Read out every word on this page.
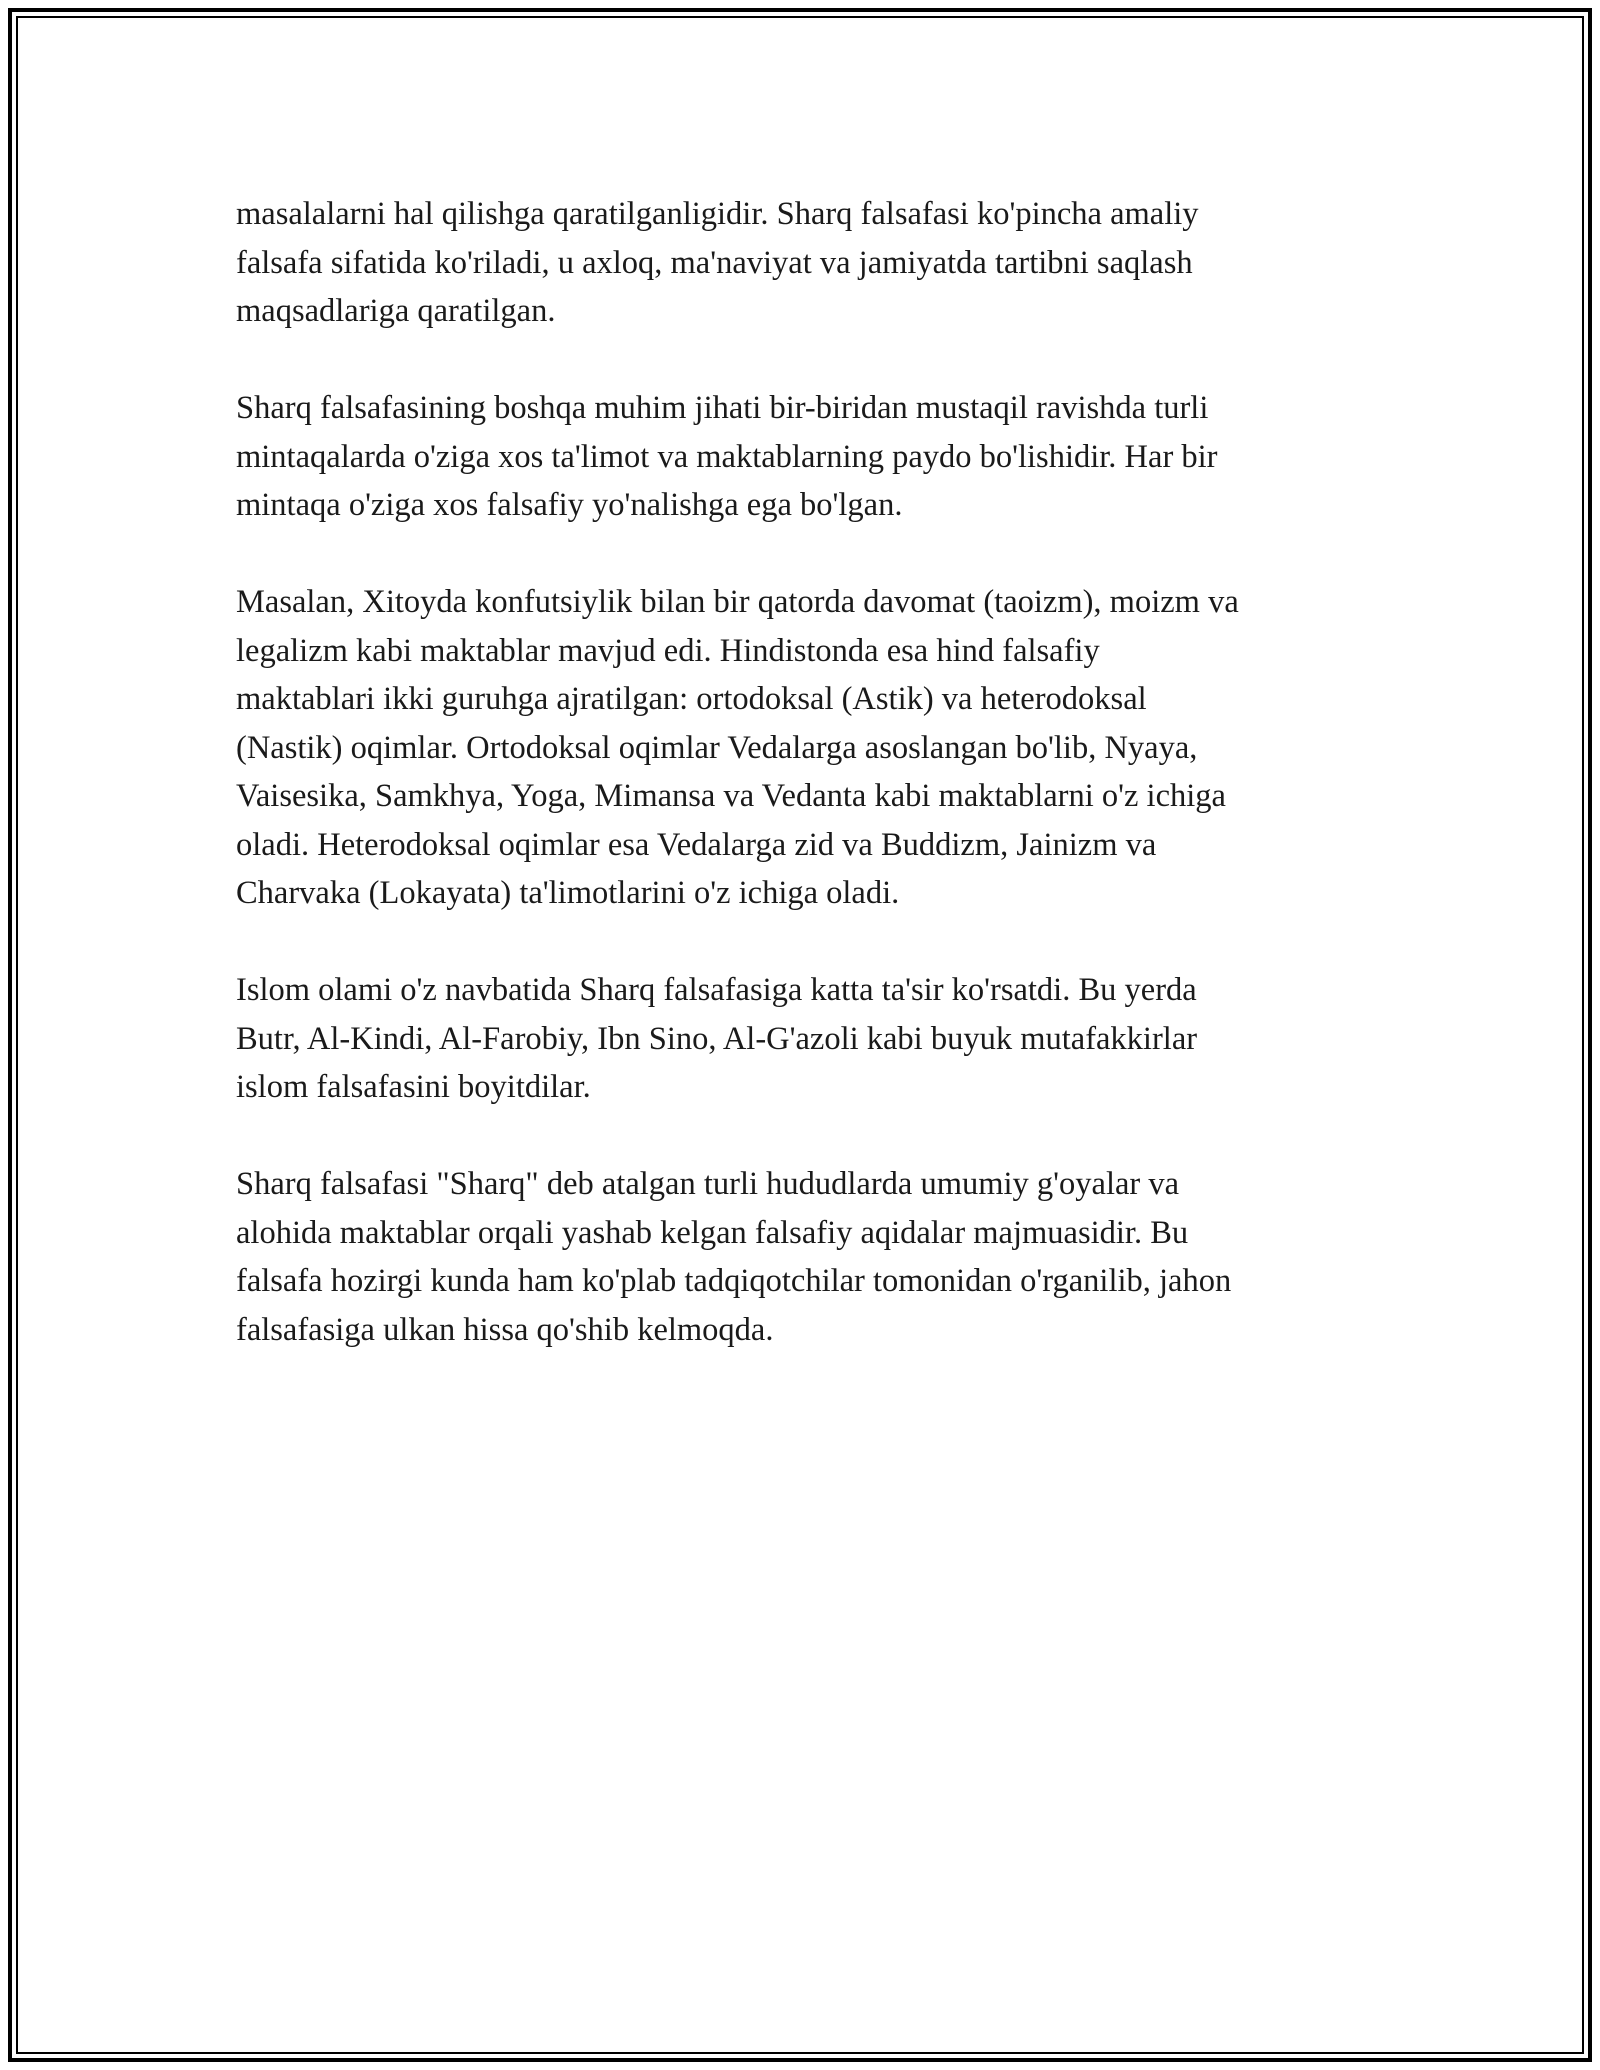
masalalarni hal qilishga qaratilganligidir. Sharq falsafasi ko'pincha amaliy
falsafa sifatida ko'riladi, u axloq, ma'naviyat va jamiyatda tartibni saqlash
maqsadlariga qaratilgan.

Sharq falsafasining boshqa muhim jihati bir-biridan mustaqil ravishda turli
mintaqalarda o'ziga xos ta'limot va maktablarning paydo bo'lishidir. Har bir
mintaqa o'ziga xos falsafiy yo'nalishga ega bo'lgan.

Masalan, Xitoyda konfutsiylik bilan bir qatorda davomat (taoizm), moizm va
legalizm kabi maktablar mavjud edi. Hindistonda esa hind falsafiy
maktablari ikki guruhga ajratilgan: ortodoksal (Astik) va heterodoksal
(Nastik) oqimlar. Ortodoksal oqimlar Vedalarga asoslangan bo'lib, Nyaya,
Vaisesika, Samkhya, Yoga, Mimansa va Vedanta kabi maktablarni o'z ichiga
oladi. Heterodoksal oqimlar esa Vedalarga zid va Buddizm, Jainizm va
Charvaka (Lokayata) ta'limotlarini o'z ichiga oladi.

Islom olami o'z navbatida Sharq falsafasiga katta ta'sir ko'rsatdi. Bu yerda
Butr, Al-Kindi, Al-Farobiy, Ibn Sino, Al-G'azoli kabi buyuk mutafakkirlar
islom falsafasini boyitdilar.

Sharq falsafasi "Sharq" deb atalgan turli hududlarda umumiy g'oyalar va
alohida maktablar orqali yashab kelgan falsafiy aqidalar majmuasidir. Bu
falsafa hozirgi kunda ham ko'plab tadqiqotchilar tomonidan o'rganilib, jahon
falsafasiga ulkan hissa qo'shib kelmoqda.
